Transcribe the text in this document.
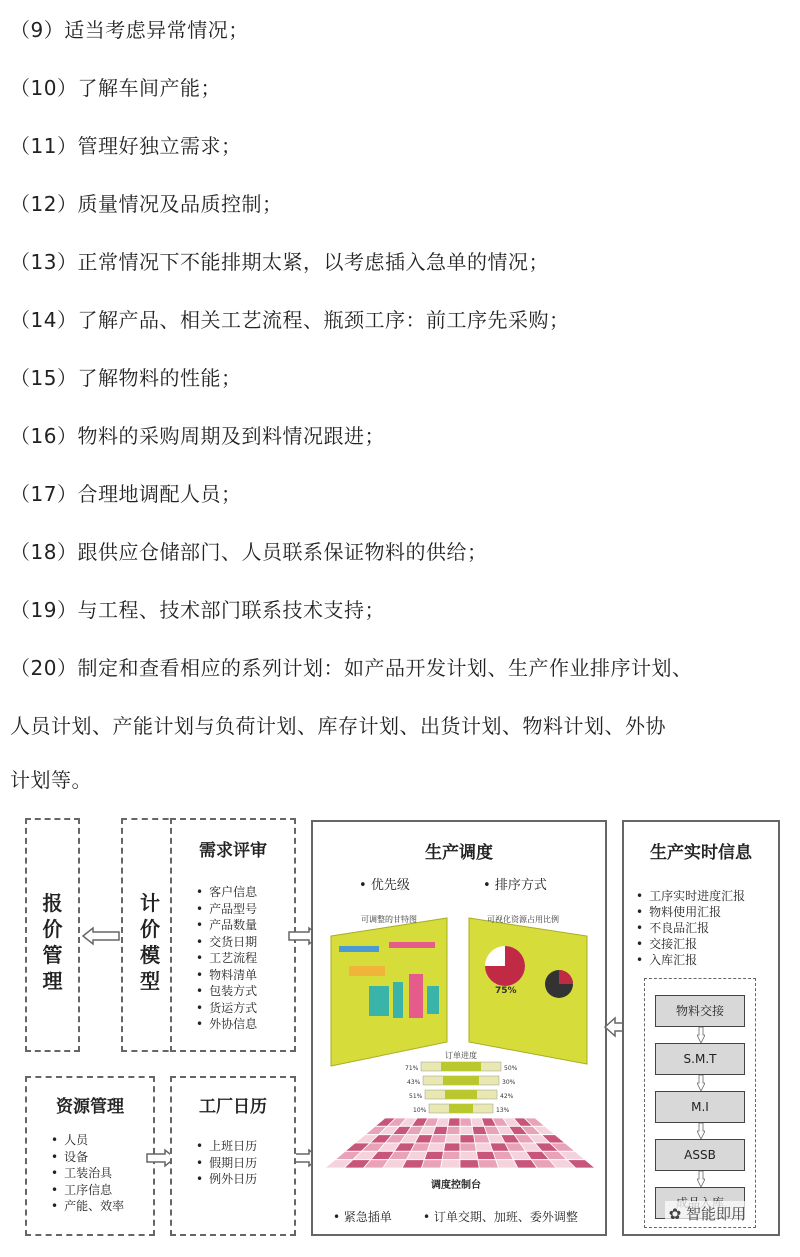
（9）适当考虑异常情况；
（10）了解车间产能；
（11）管理好独立需求；
（12）质量情况及品质控制；
（13）正常情况下不能排期太紧，以考虑插入急单的情况；
（14）了解产品、相关工艺流程、瓶颈工序：前工序先采购；
（15）了解物料的性能；
（16）物料的采购周期及到料情况跟进；
（17）合理地调配人员；
（18）跟供应仓储部门、人员联系保证物料的供给；
（19）与工程、技术部门联系技术支持；
（20）制定和查看相应的系列计划：如产品开发计划、生产作业排序计划、
人员计划、产能计划与负荷计划、库存计划、出货计划、物料计划、外协
计划等。
报
价
管
理
计
价
模
型
需求评审
• 客户信息
• 产品型号
• 产品数量
• 交货日期
• 工艺流程
• 物料清单
• 包装方式
• 货运方式
• 外协信息
资源管理
• 人员
• 设备
• 工装治具
• 工序信息
• 产能、效率
工厂日历
• 上班日历
• 假期日历
• 例外日历
生产调度
• 优先级	• 排序方式
可调整的甘特图	可视化资源占用比例
75%
订单进度
71%	50%
43%	30%
51%	42%
10%	13%
调度控制台
• 紧急插单	• 订单交期、加班、委外调整
生产实时信息
• 工序实时进度汇报
• 物料使用汇报
• 不良品汇报
• 交接汇报
• 入库汇报
物料交接
S.M.T
M.I
ASSB
✿ 智能即用
